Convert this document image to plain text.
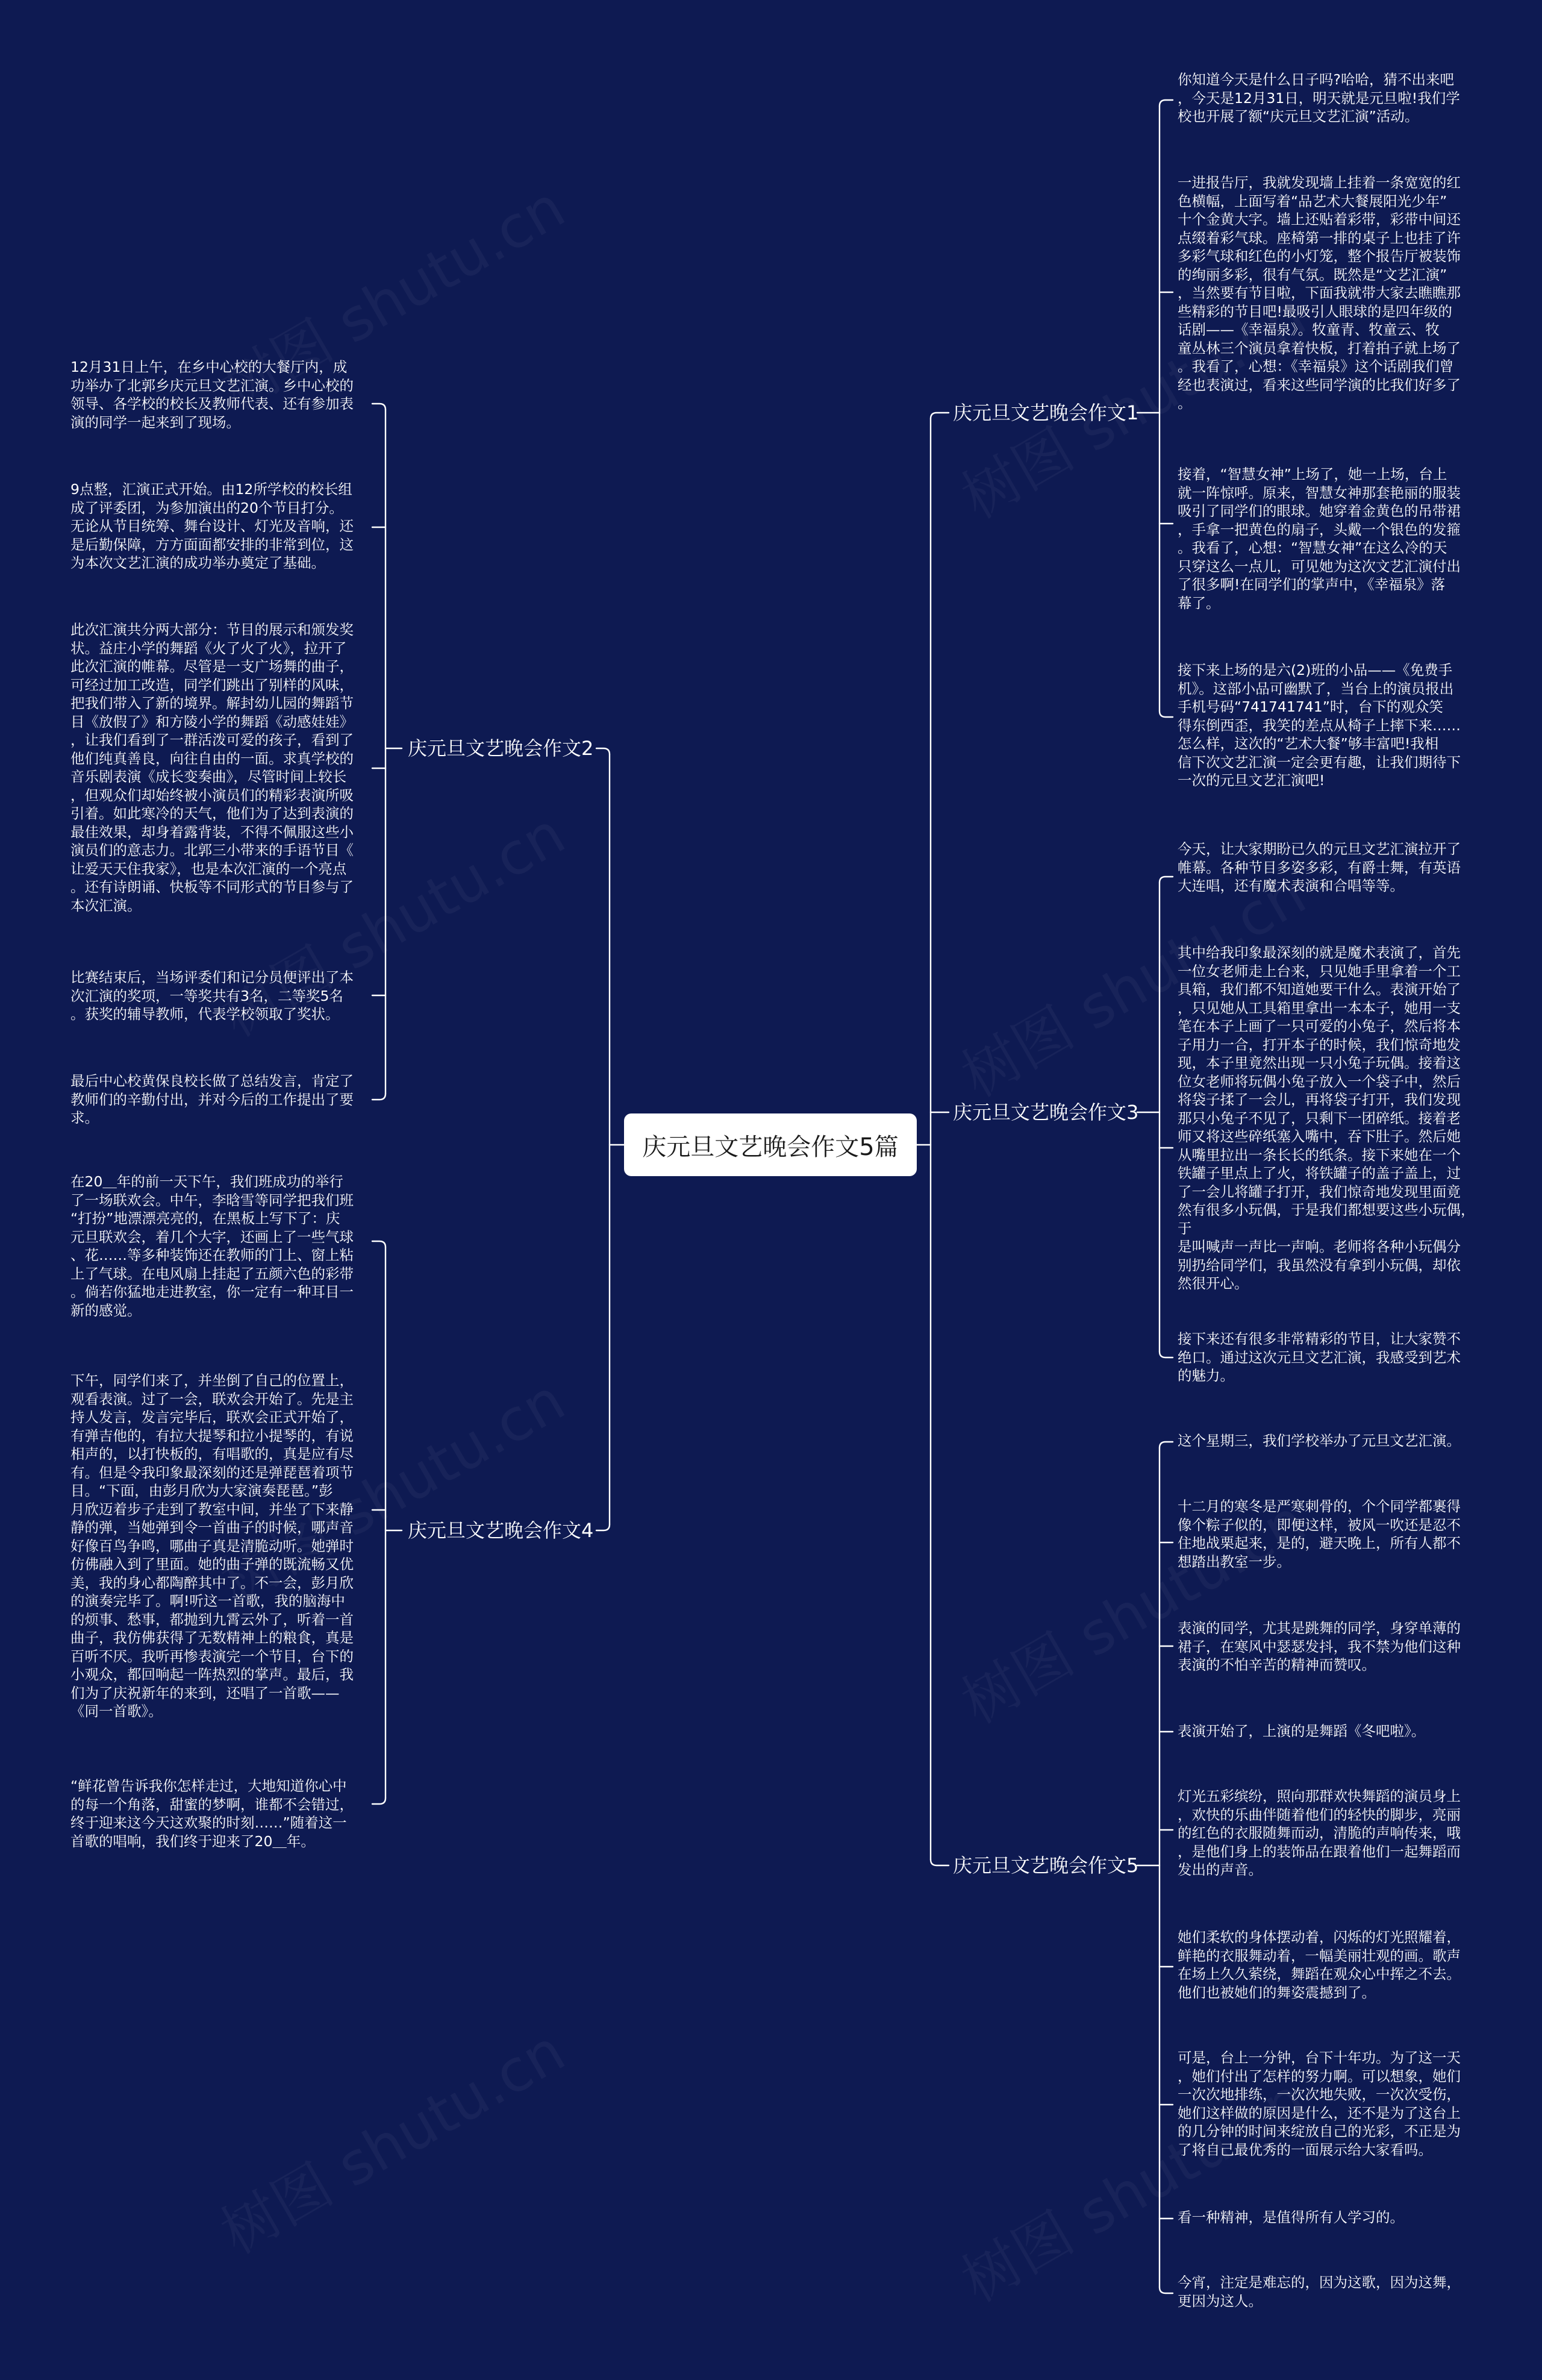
庆元旦文艺晚会作文5篇
庆元旦文艺晚会作文1
你知道今天是什么日子吗?哈哈，猜不出来吧
，今天是12月31日，明天就是元旦啦!我们学
校也开展了额“庆元旦文艺汇演”活动。
一进报告厅，我就发现墙上挂着一条宽宽的红
色横幅，上面写着“品艺术大餐展阳光少年”
十个金黄大字。墙上还贴着彩带，彩带中间还
点缀着彩气球。座椅第一排的桌子上也挂了许
多彩气球和红色的小灯笼，整个报告厅被装饰
的绚丽多彩，很有气氛。既然是“文艺汇演”
，当然要有节目啦，下面我就带大家去瞧瞧那
些精彩的节目吧!最吸引人眼球的是四年级的
话剧——《幸福泉》。牧童青、牧童云、牧
童丛林三个演员拿着快板，打着拍子就上场了
。我看了，心想：《幸福泉》这个话剧我们曾
经也表演过，看来这些同学演的比我们好多了
。
接着，“智慧女神”上场了，她一上场，台上
就一阵惊呼。原来，智慧女神那套艳丽的服装
吸引了同学们的眼球。她穿着金黄色的吊带裙
，手拿一把黄色的扇子，头戴一个银色的发箍
。我看了，心想：“智慧女神”在这么冷的天
只穿这么一点儿，可见她为这次文艺汇演付出
了很多啊!在同学们的掌声中，《幸福泉》落
幕了。
接下来上场的是六(2)班的小品——《免费手
机》。这部小品可幽默了，当台上的演员报出
手机号码“741741741”时，台下的观众笑
得东倒西歪，我笑的差点从椅子上摔下来……
怎么样，这次的“艺术大餐”够丰富吧!我相
信下次文艺汇演一定会更有趣，让我们期待下
一次的元旦文艺汇演吧!
庆元旦文艺晚会作文2
12月31日上午，在乡中心校的大餐厅内，成
功举办了北郭乡庆元旦文艺汇演。乡中心校的
领导、各学校的校长及教师代表、还有参加表
演的同学一起来到了现场。
9点整，汇演正式开始。由12所学校的校长组
成了评委团，为参加演出的20个节目打分。
无论从节目统筹、舞台设计、灯光及音响，还
是后勤保障，方方面面都安排的非常到位，这
为本次文艺汇演的成功举办奠定了基础。
此次汇演共分两大部分：节目的展示和颁发奖
状。益庄小学的舞蹈《火了火了火》，拉开了
此次汇演的帷幕。尽管是一支广场舞的曲子，
可经过加工改造，同学们跳出了别样的风味，
把我们带入了新的境界。解封幼儿园的舞蹈节
目《放假了》和方陵小学的舞蹈《动感娃娃》
，让我们看到了一群活泼可爱的孩子，看到了
他们纯真善良，向往自由的一面。求真学校的
音乐剧表演《成长变奏曲》，尽管时间上较长
，但观众们却始终被小演员们的精彩表演所吸
引着。如此寒冷的天气，他们为了达到表演的
最佳效果，却身着露背装，不得不佩服这些小
演员们的意志力。北郭三小带来的手语节目《
让爱天天住我家》，也是本次汇演的一个亮点
。还有诗朗诵、快板等不同形式的节目参与了
本次汇演。
比赛结束后，当场评委们和记分员便评出了本
次汇演的奖项，一等奖共有3名，二等奖5名
。获奖的辅导教师，代表学校领取了奖状。
最后中心校黄保良校长做了总结发言，肯定了
教师们的辛勤付出，并对今后的工作提出了要
求。	庆元旦文艺晚会作文3
今天，让大家期盼已久的元旦文艺汇演拉开了
帷幕。各种节目多姿多彩，有爵士舞，有英语
大连唱，还有魔术表演和合唱等等。
其中给我印象最深刻的就是魔术表演了，首先
一位女老师走上台来，只见她手里拿着一个工
具箱，我们都不知道她要干什么。表演开始了
，只见她从工具箱里拿出一本本子，她用一支
笔在本子上画了一只可爱的小兔子，然后将本
子用力一合，打开本子的时候，我们惊奇地发
现，本子里竟然出现一只小兔子玩偶。接着这
位女老师将玩偶小兔子放入一个袋子中，然后
将袋子揉了一会儿，再将袋子打开，我们发现
那只小兔子不见了，只剩下一团碎纸。接着老
师又将这些碎纸塞入嘴中，吞下肚子。然后她
从嘴里拉出一条长长的纸条。接下来她在一个
铁罐子里点上了火，将铁罐子的盖子盖上，过
了一会儿将罐子打开，我们惊奇地发现里面竟
然有很多小玩偶，于是我们都想要这些小玩偶，于
是叫喊声一声比一声响。老师将各种小玩偶分
别扔给同学们，我虽然没有拿到小玩偶，却依
然很开心。
接下来还有很多非常精彩的节目，让大家赞不
绝口。通过这次元旦文艺汇演，我感受到艺术
的魅力。
庆元旦文艺晚会作文4
在20＿年的前一天下午，我们班成功的举行
了一场联欢会。中午，李晗雪等同学把我们班
“打扮”地漂漂亮亮的，在黑板上写下了：庆
元旦联欢会，着几个大字，还画上了一些气球
、花……等多种装饰还在教师的门上、窗上粘
上了气球。在电风扇上挂起了五颜六色的彩带
。倘若你猛地走进教室，你一定有一种耳目一
新的感觉。
下午，同学们来了，并坐倒了自己的位置上，
观看表演。过了一会，联欢会开始了。先是主
持人发言，发言完毕后，联欢会正式开始了，
有弹吉他的，有拉大提琴和拉小提琴的，有说
相声的，以打快板的，有唱歌的，真是应有尽
有。但是令我印象最深刻的还是弹琵琶着项节
目。“下面，由彭月欣为大家演奏琵琶。”彭
月欣迈着步子走到了教室中间，并坐了下来静
静的弹，当她弹到令一首曲子的时候，哪声音
好像百鸟争鸣，哪曲子真是清脆动听。她弹时
仿佛融入到了里面。她的曲子弹的既流畅又优
美，我的身心都陶醉其中了。不一会，彭月欣
的演奏完毕了。啊!听这一首歌，我的脑海中
的烦事、愁事，都抛到九霄云外了，听着一首
曲子，我仿佛获得了无数精神上的粮食，真是
百听不厌。我听再惨表演完一个节目，台下的
小观众，都回响起一阵热烈的掌声。最后，我
们为了庆祝新年的来到，还唱了一首歌——
《同一首歌》。
“鲜花曾告诉我你怎样走过，大地知道你心中
的每一个角落，甜蜜的梦啊，谁都不会错过，
终于迎来这今天这欢聚的时刻……”随着这一
首歌的唱响，我们终于迎来了20＿年。
庆元旦文艺晚会作文5
这个星期三，我们学校举办了元旦文艺汇演。
十二月的寒冬是严寒刺骨的，个个同学都裹得
像个粽子似的，即便这样，被风一吹还是忍不
住地战栗起来，是的，避天晚上，所有人都不
想踏出教室一步。
表演的同学，尤其是跳舞的同学，身穿单薄的
裙子，在寒风中瑟瑟发抖，我不禁为他们这种
表演的不怕辛苦的精神而赞叹。
表演开始了，上演的是舞蹈《冬吧啦》。
灯光五彩缤纷，照向那群欢快舞蹈的演员身上
，欢快的乐曲伴随着他们的轻快的脚步，亮丽
的红色的衣服随舞而动，清脆的声响传来，哦
，是他们身上的装饰品在跟着他们一起舞蹈而
发出的声音。
她们柔软的身体摆动着，闪烁的灯光照耀着，
鲜艳的衣服舞动着，一幅美丽壮观的画。歌声
在场上久久萦绕，舞蹈在观众心中挥之不去。
他们也被她们的舞姿震撼到了。
可是，台上一分钟，台下十年功。为了这一天
，她们付出了怎样的努力啊。可以想象，她们
一次次地排练，一次次地失败，一次次受伤，
她们这样做的原因是什么，还不是为了这台上
的几分钟的时间来绽放自己的光彩，不正是为
了将自己最优秀的一面展示给大家看吗。
看一种精神，是值得所有人学习的。
今宵，注定是难忘的，因为这歌，因为这舞，
更因为这人。
